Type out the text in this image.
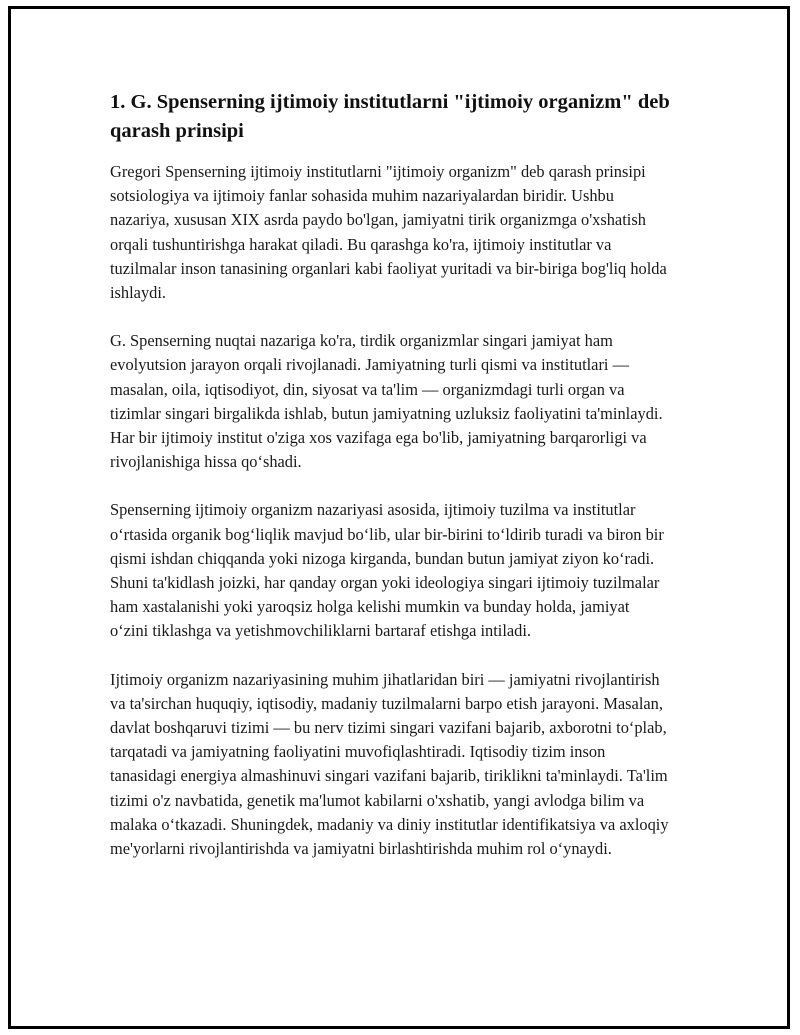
1. G. Spenserning ijtimoiy institutlarni "ijtimoiy organizm" deb qarash prinsipi

Gregori Spenserning ijtimoiy institutlarni "ijtimoiy organizm" deb qarash prinsipi sotsiologiya va ijtimoiy fanlar sohasida muhim nazariyalardan biridir. Ushbu nazariya, xususan XIX asrda paydo bo'lgan, jamiyatni tirik organizmga o'xshatish orqali tushuntirishga harakat qiladi. Bu qarashga ko'ra, ijtimoiy institutlar va tuzilmalar inson tanasining organlari kabi faoliyat yuritadi va bir-biriga bog'liq holda ishlaydi.

G. Spenserning nuqtai nazariga ko'ra, tirdik organizmlar singari jamiyat ham evolyutsion jarayon orqali rivojlanadi. Jamiyatning turli qismi va institutlari — masalan, oila, iqtisodiyot, din, siyosat va ta'lim — organizmdagi turli organ va tizimlar singari birgalikda ishlab, butun jamiyatning uzluksiz faoliyatini ta'minlaydi. Har bir ijtimoiy institut o'ziga xos vazifaga ega bo'lib, jamiyatning barqarorligi va rivojlanishiga hissa qo‘shadi.

Spenserning ijtimoiy organizm nazariyasi asosida, ijtimoiy tuzilma va institutlar o‘rtasida organik bog‘liqlik mavjud bo‘lib, ular bir-birini to‘ldirib turadi va biron bir qismi ishdan chiqqanda yoki nizoga kirganda, bundan butun jamiyat ziyon ko‘radi. Shuni ta'kidlash joizki, har qanday organ yoki ideologiya singari ijtimoiy tuzilmalar ham xastalanishi yoki yaroqsiz holga kelishi mumkin va bunday holda, jamiyat o‘zini tiklashga va yetishmovchiliklarni bartaraf etishga intiladi.

Ijtimoiy organizm nazariyasining muhim jihatlaridan biri — jamiyatni rivojlantirish va ta'sirchan huquqiy, iqtisodiy, madaniy tuzilmalarni barpo etish jarayoni. Masalan, davlat boshqaruvi tizimi — bu nerv tizimi singari vazifani bajarib, axborotni to‘plab, tarqatadi va jamiyatning faoliyatini muvofiqlashtiradi. Iqtisodiy tizim inson tanasidagi energiya almashinuvi singari vazifani bajarib, tiriklikni ta'minlaydi. Ta'lim tizimi o'z navbatida, genetik ma'lumot kabilarni o'xshatib, yangi avlodga bilim va malaka o‘tkazadi. Shuningdek, madaniy va diniy institutlar identifikatsiya va axloqiy me'yorlarni rivojlantirishda va jamiyatni birlashtirishda muhim rol o‘ynaydi.
